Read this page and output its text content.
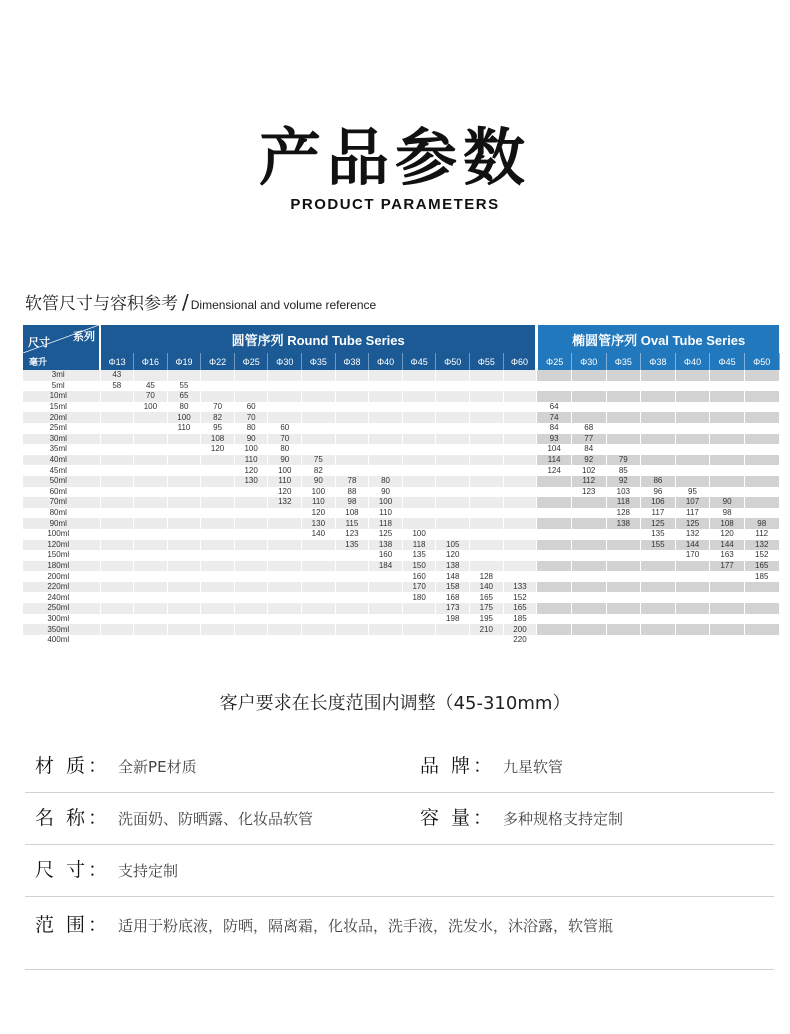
产品参数
PRODUCT PARAMETERS
软管尺寸与容积参考 / Dimensional and volume reference
尺寸 系列	圆管序列 Round Tube Series													椭圆管序列 Oval Tube Series						
毫升	Φ13	Φ16	Φ19	Φ22	Φ25	Φ30	Φ35	Φ38	Φ40	Φ45	Φ50	Φ55	Φ60	Φ25	Φ30	Φ35	Φ38	Φ40	Φ45	Φ50
3ml	43																			
5ml	58	45	55																	
10ml		70	65																	
15ml		100	80	70	60									64						
20ml			100	82	70									74						
25ml			110	95	80	60								84	68					
30ml				108	90	70								93	77					
35ml				120	100	80								104	84					
40ml					110	90	75							114	92	79				
45ml					120	100	82							124	102	85				
50ml					130	110	90	78	80						112	92	86			
60ml						120	100	88	90						123	103	96	95		
70ml						132	110	98	100							118	106	107	90	
80ml							120	108	110							128	117	117	98	
90ml							130	115	118							138	125	125	108	98
100ml							140	123	125	100							135	132	120	112
120ml								135	138	118	105						155	144	144	132
150ml									160	135	120							170	163	152
180ml									184	150	138								177	165
200ml										160	148	128								185
220ml										170	158	140	133							
240ml										180	168	165	152							
250ml											173	175	165							
300ml											198	195	185							
350ml												210	200							
400ml													220							
客户要求在长度范围内调整（45-310mm）
材 质： 全新PE材质	品 牌： 九星软管
名 称： 洗面奶、防晒露、化妆品软管	容 量： 多种规格支持定制
尺 寸： 支持定制
范 围： 适用于粉底液，防晒，隔离霜，化妆品，洗手液，洗发水，沐浴露，软管瓶
